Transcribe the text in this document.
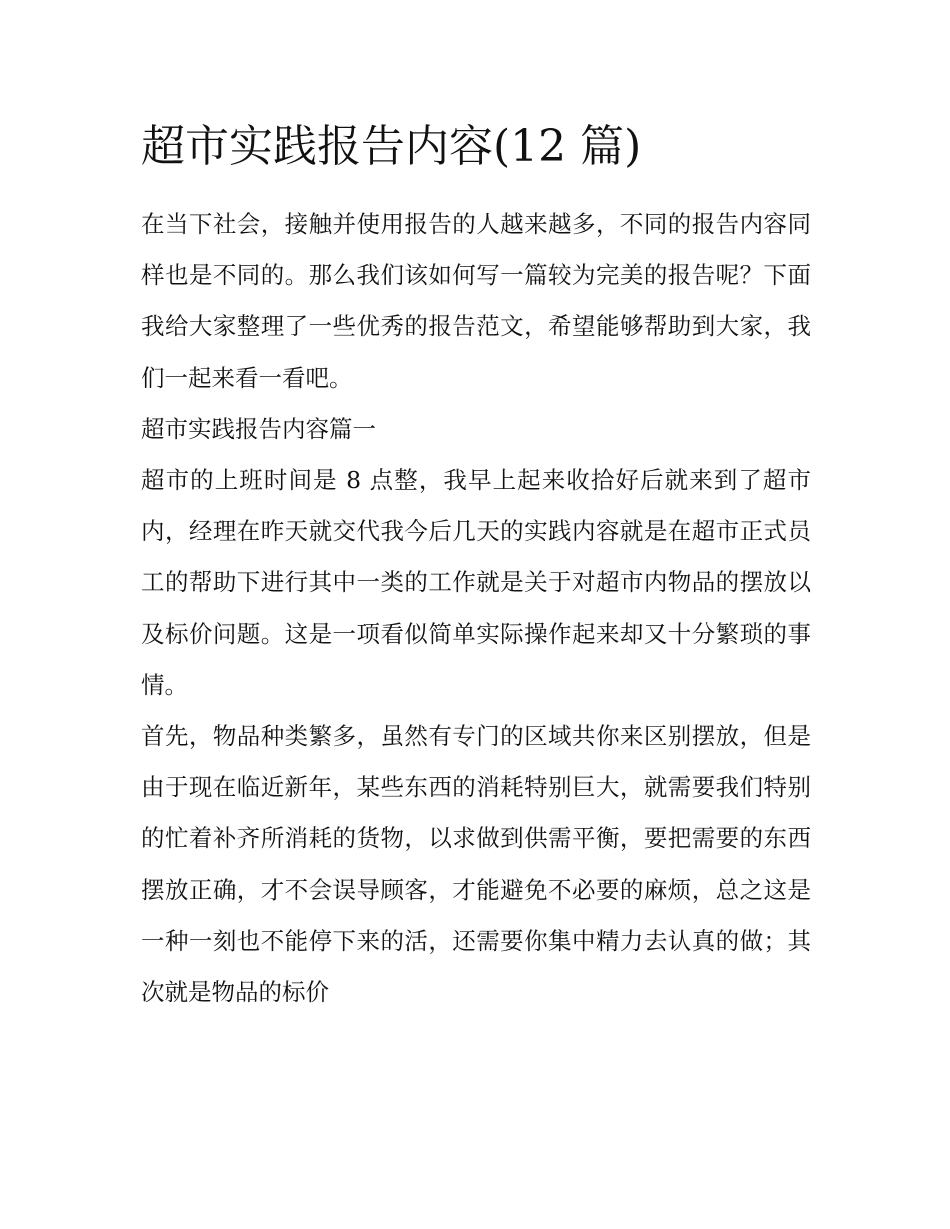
超市实践报告内容(12 篇)

在当下社会，接触并使用报告的人越来越多，不同的报告内容同样也是不同的。那么我们该如何写一篇较为完美的报告呢？下面我给大家整理了一些优秀的报告范文，希望能够帮助到大家，我们一起来看一看吧。

超市实践报告内容篇一

超市的上班时间是 8 点整，我早上起来收拾好后就来到了超市内，经理在昨天就交代我今后几天的实践内容就是在超市正式员工的帮助下进行其中一类的工作就是关于对超市内物品的摆放以及标价问题。这是一项看似简单实际操作起来却又十分繁琐的事情。

首先，物品种类繁多，虽然有专门的区域共你来区别摆放，但是由于现在临近新年，某些东西的消耗特别巨大，就需要我们特别的忙着补齐所消耗的货物，以求做到供需平衡，要把需要的东西摆放正确，才不会误导顾客，才能避免不必要的麻烦，总之这是一种一刻也不能停下来的活，还需要你集中精力去认真的做；其次就是物品的标价
